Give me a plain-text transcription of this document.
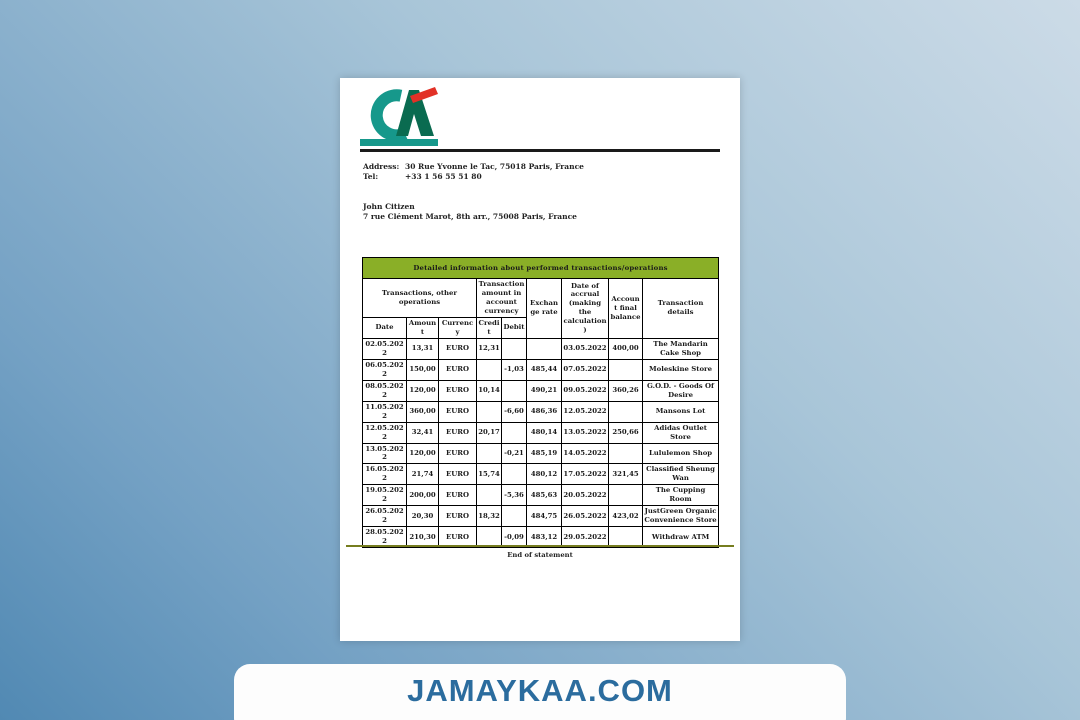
Address: 30 Rue Yvonne le Tac, 75018 Paris, France
Tel:	+33 1 56 55 51 80
John Citizen
7 rue Clément Marot, 8th arr., 75008 Paris, France
Detailed information about performed transactions/operations								
Transactions, other operations			Transaction amount in account currency		Exchange rate	Date of accrual (making the calculation)	Account final balance	Transaction details
Date	Amount	Currency	Credit	Debit				
02.05.2022	13,31	EURO	12,31			03.05.2022	400,00	The Mandarin Cake Shop
06.05.2022	150,00	EURO		-1,03	485,44	07.05.2022		Moleskine Store
08.05.2022	120,00	EURO	10,14		490,21	09.05.2022	360,26	G.O.D. - Goods Of Desire
11.05.2022	360,00	EURO		-6,60	486,36	12.05.2022		Mansons Lot
12.05.2022	32,41	EURO	20,17		480,14	13.05.2022	250,66	Adidas Outlet Store
13.05.2022	120,00	EURO		-0,21	485,19	14.05.2022		Lululemon Shop
16.05.2022	21,74	EURO	15,74		480,12	17.05.2022	321,45	Classified Sheung Wan
19.05.2022	200,00	EURO		-5,36	485,63	20.05.2022		The Cupping Room
26.05.2022	20,30	EURO	18,32		484,75	26.05.2022	423,02	JustGreen Organic Convenience Store
28.05.2022	210,30	EURO		-0,09	483,12	29.05.2022		Withdraw ATM
End of statement
JAMAYKAA.COM
